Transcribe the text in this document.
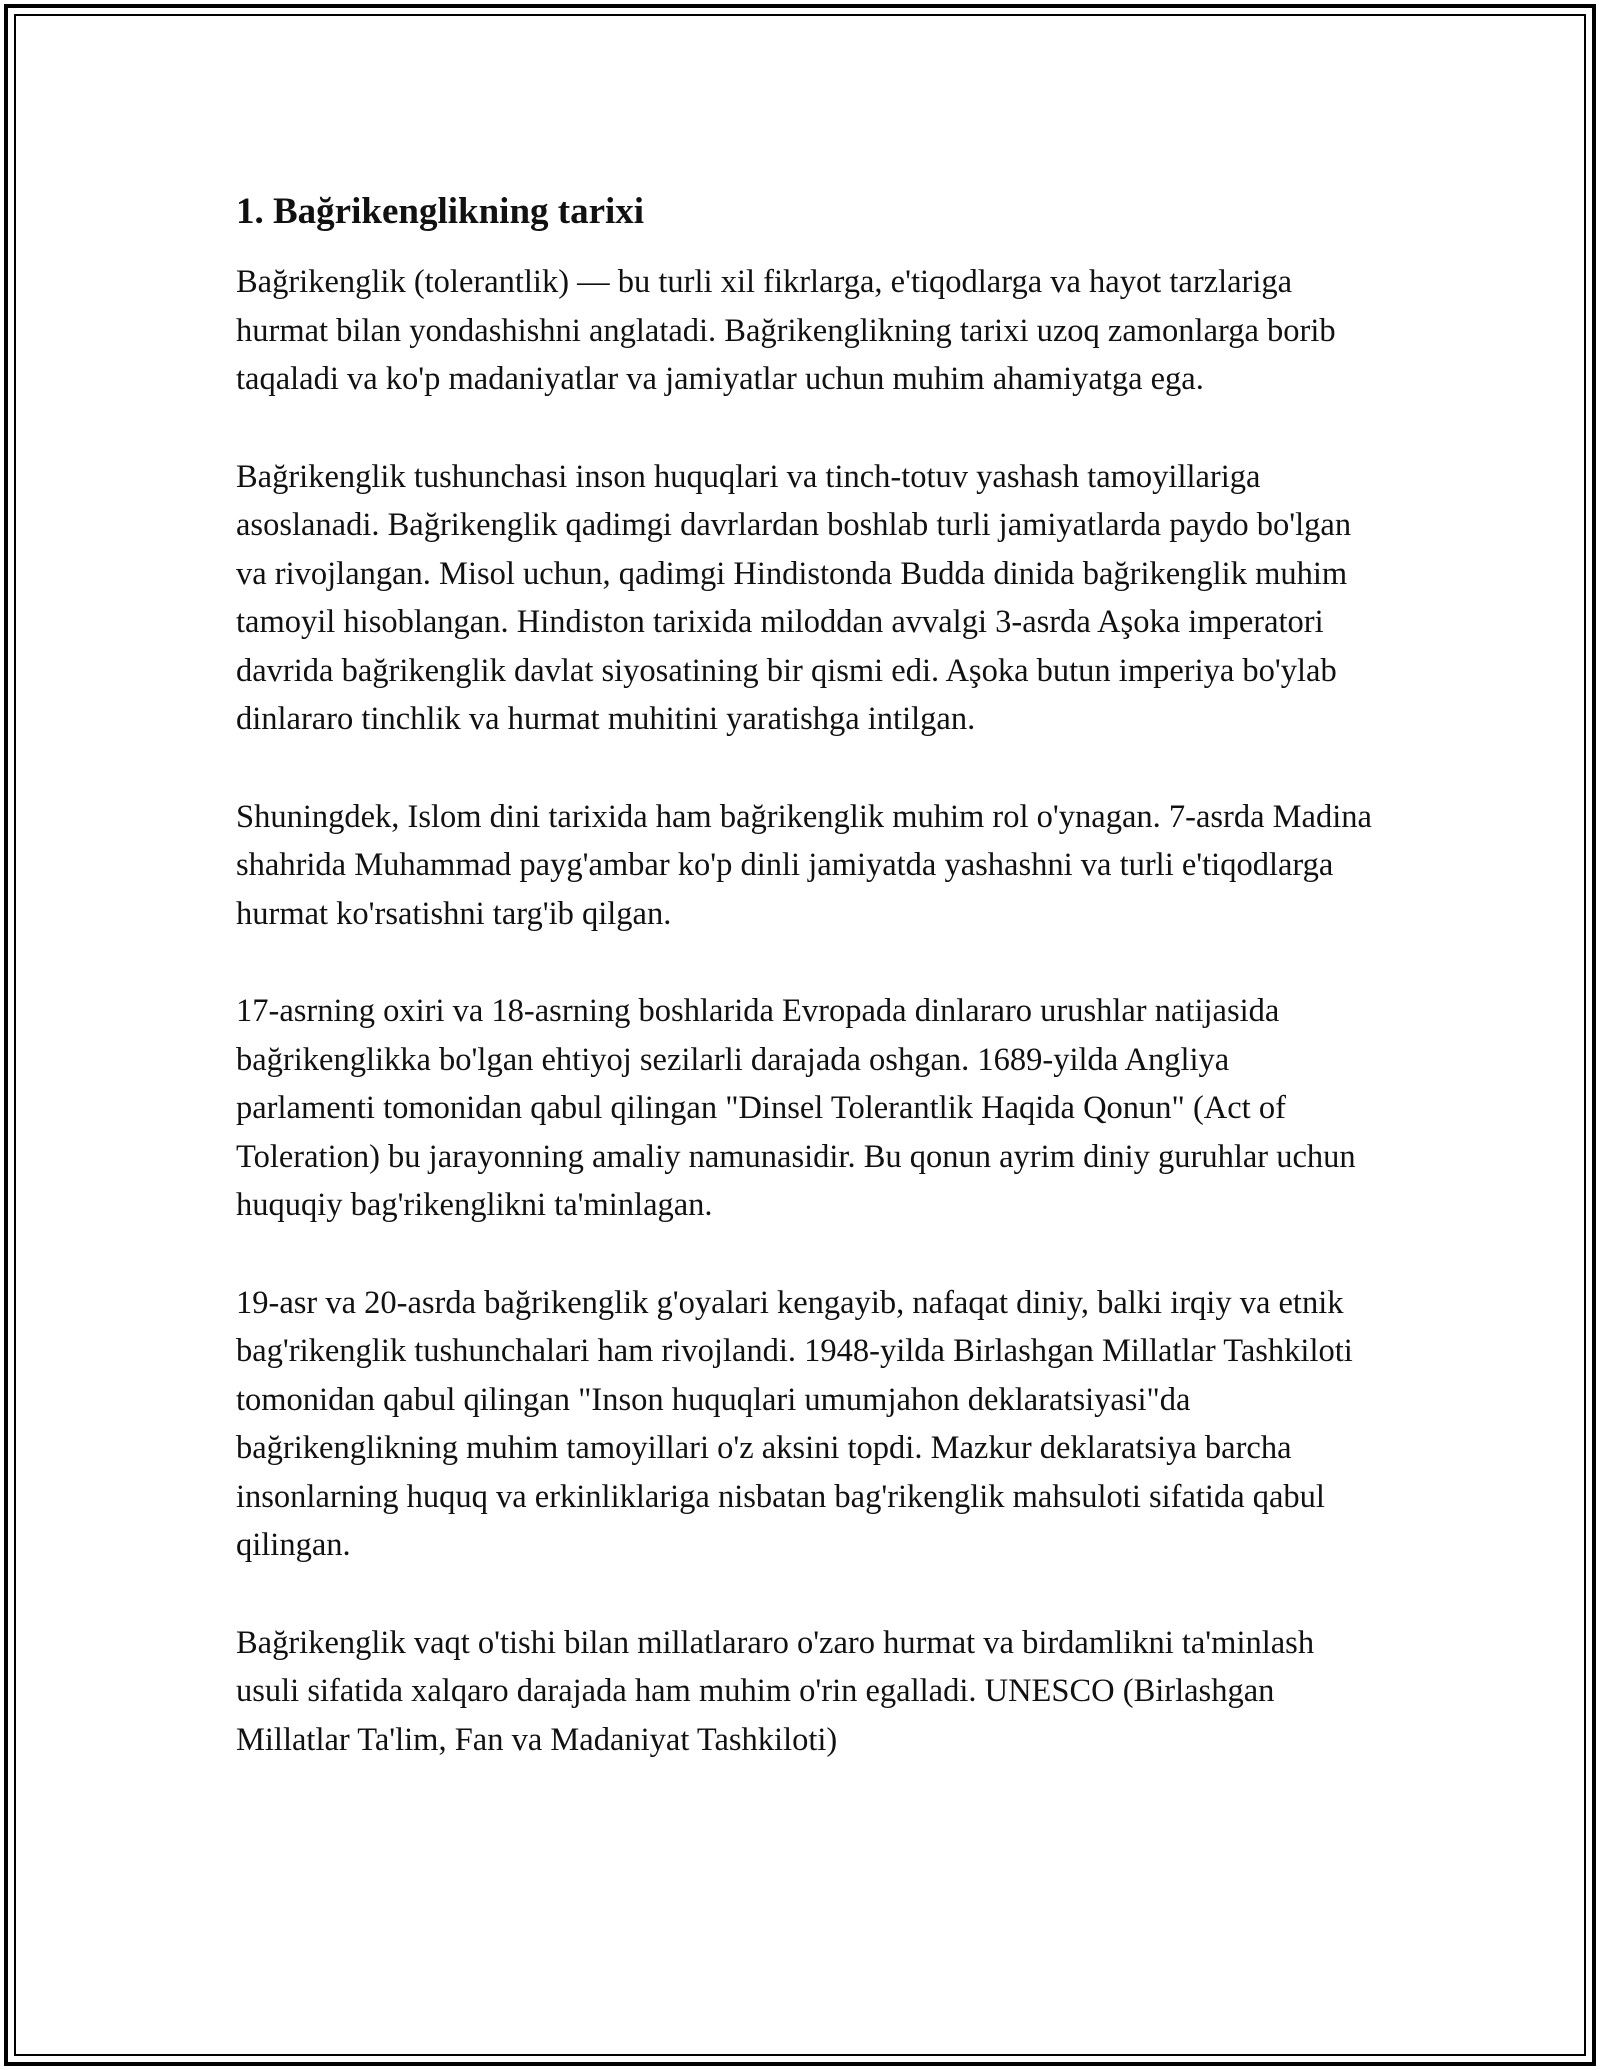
1. Bağrikenglikning tarixi

Bağrikenglik (tolerantlik) — bu turli xil fikrlarga, e'tiqodlarga va hayot tarzlariga hurmat bilan yondashishni anglatadi. Bağrikenglikning tarixi uzoq zamonlarga borib taqaladi va ko'p madaniyatlar va jamiyatlar uchun muhim ahamiyatga ega.

Bağrikenglik tushunchasi inson huquqlari va tinch-totuv yashash tamoyillariga asoslanadi. Bağrikenglik qadimgi davrlardan boshlab turli jamiyatlarda paydo bo'lgan va rivojlangan. Misol uchun, qadimgi Hindistonda Budda dinida bağrikenglik muhim tamoyil hisoblangan. Hindiston tarixida miloddan avvalgi 3-asrda Aşoka imperatori davrida bağrikenglik davlat siyosatining bir qismi edi. Aşoka butun imperiya bo'ylab dinlararo tinchlik va hurmat muhitini yaratishga intilgan.

Shuningdek, Islom dini tarixida ham bağrikenglik muhim rol o'ynagan. 7-asrda Madina shahrida Muhammad payg'ambar ko'p dinli jamiyatda yashashni va turli e'tiqodlarga hurmat ko'rsatishni targ'ib qilgan.

17-asrning oxiri va 18-asrning boshlarida Evropada dinlararo urushlar natijasida bağrikenglikka bo'lgan ehtiyoj sezilarli darajada oshgan. 1689-yilda Angliya parlamenti tomonidan qabul qilingan "Dinsel Tolerantlik Haqida Qonun" (Act of Toleration) bu jarayonning amaliy namunasidir. Bu qonun ayrim diniy guruhlar uchun huquqiy bag'rikenglikni ta'minlagan.

19-asr va 20-asrda bağrikenglik g'oyalari kengayib, nafaqat diniy, balki irqiy va etnik bag'rikenglik tushunchalari ham rivojlandi. 1948-yilda Birlashgan Millatlar Tashkiloti tomonidan qabul qilingan "Inson huquqlari umumjahon deklaratsiyasi"da bağrikenglikning muhim tamoyillari o'z aksini topdi. Mazkur deklaratsiya barcha insonlarning huquq va erkinliklariga nisbatan bag'rikenglik mahsuloti sifatida qabul qilingan.

Bağrikenglik vaqt o'tishi bilan millatlararo o'zaro hurmat va birdamlikni ta'minlash usuli sifatida xalqaro darajada ham muhim o'rin egalladi. UNESCO (Birlashgan Millatlar Ta'lim, Fan va Madaniyat Tashkiloti)
